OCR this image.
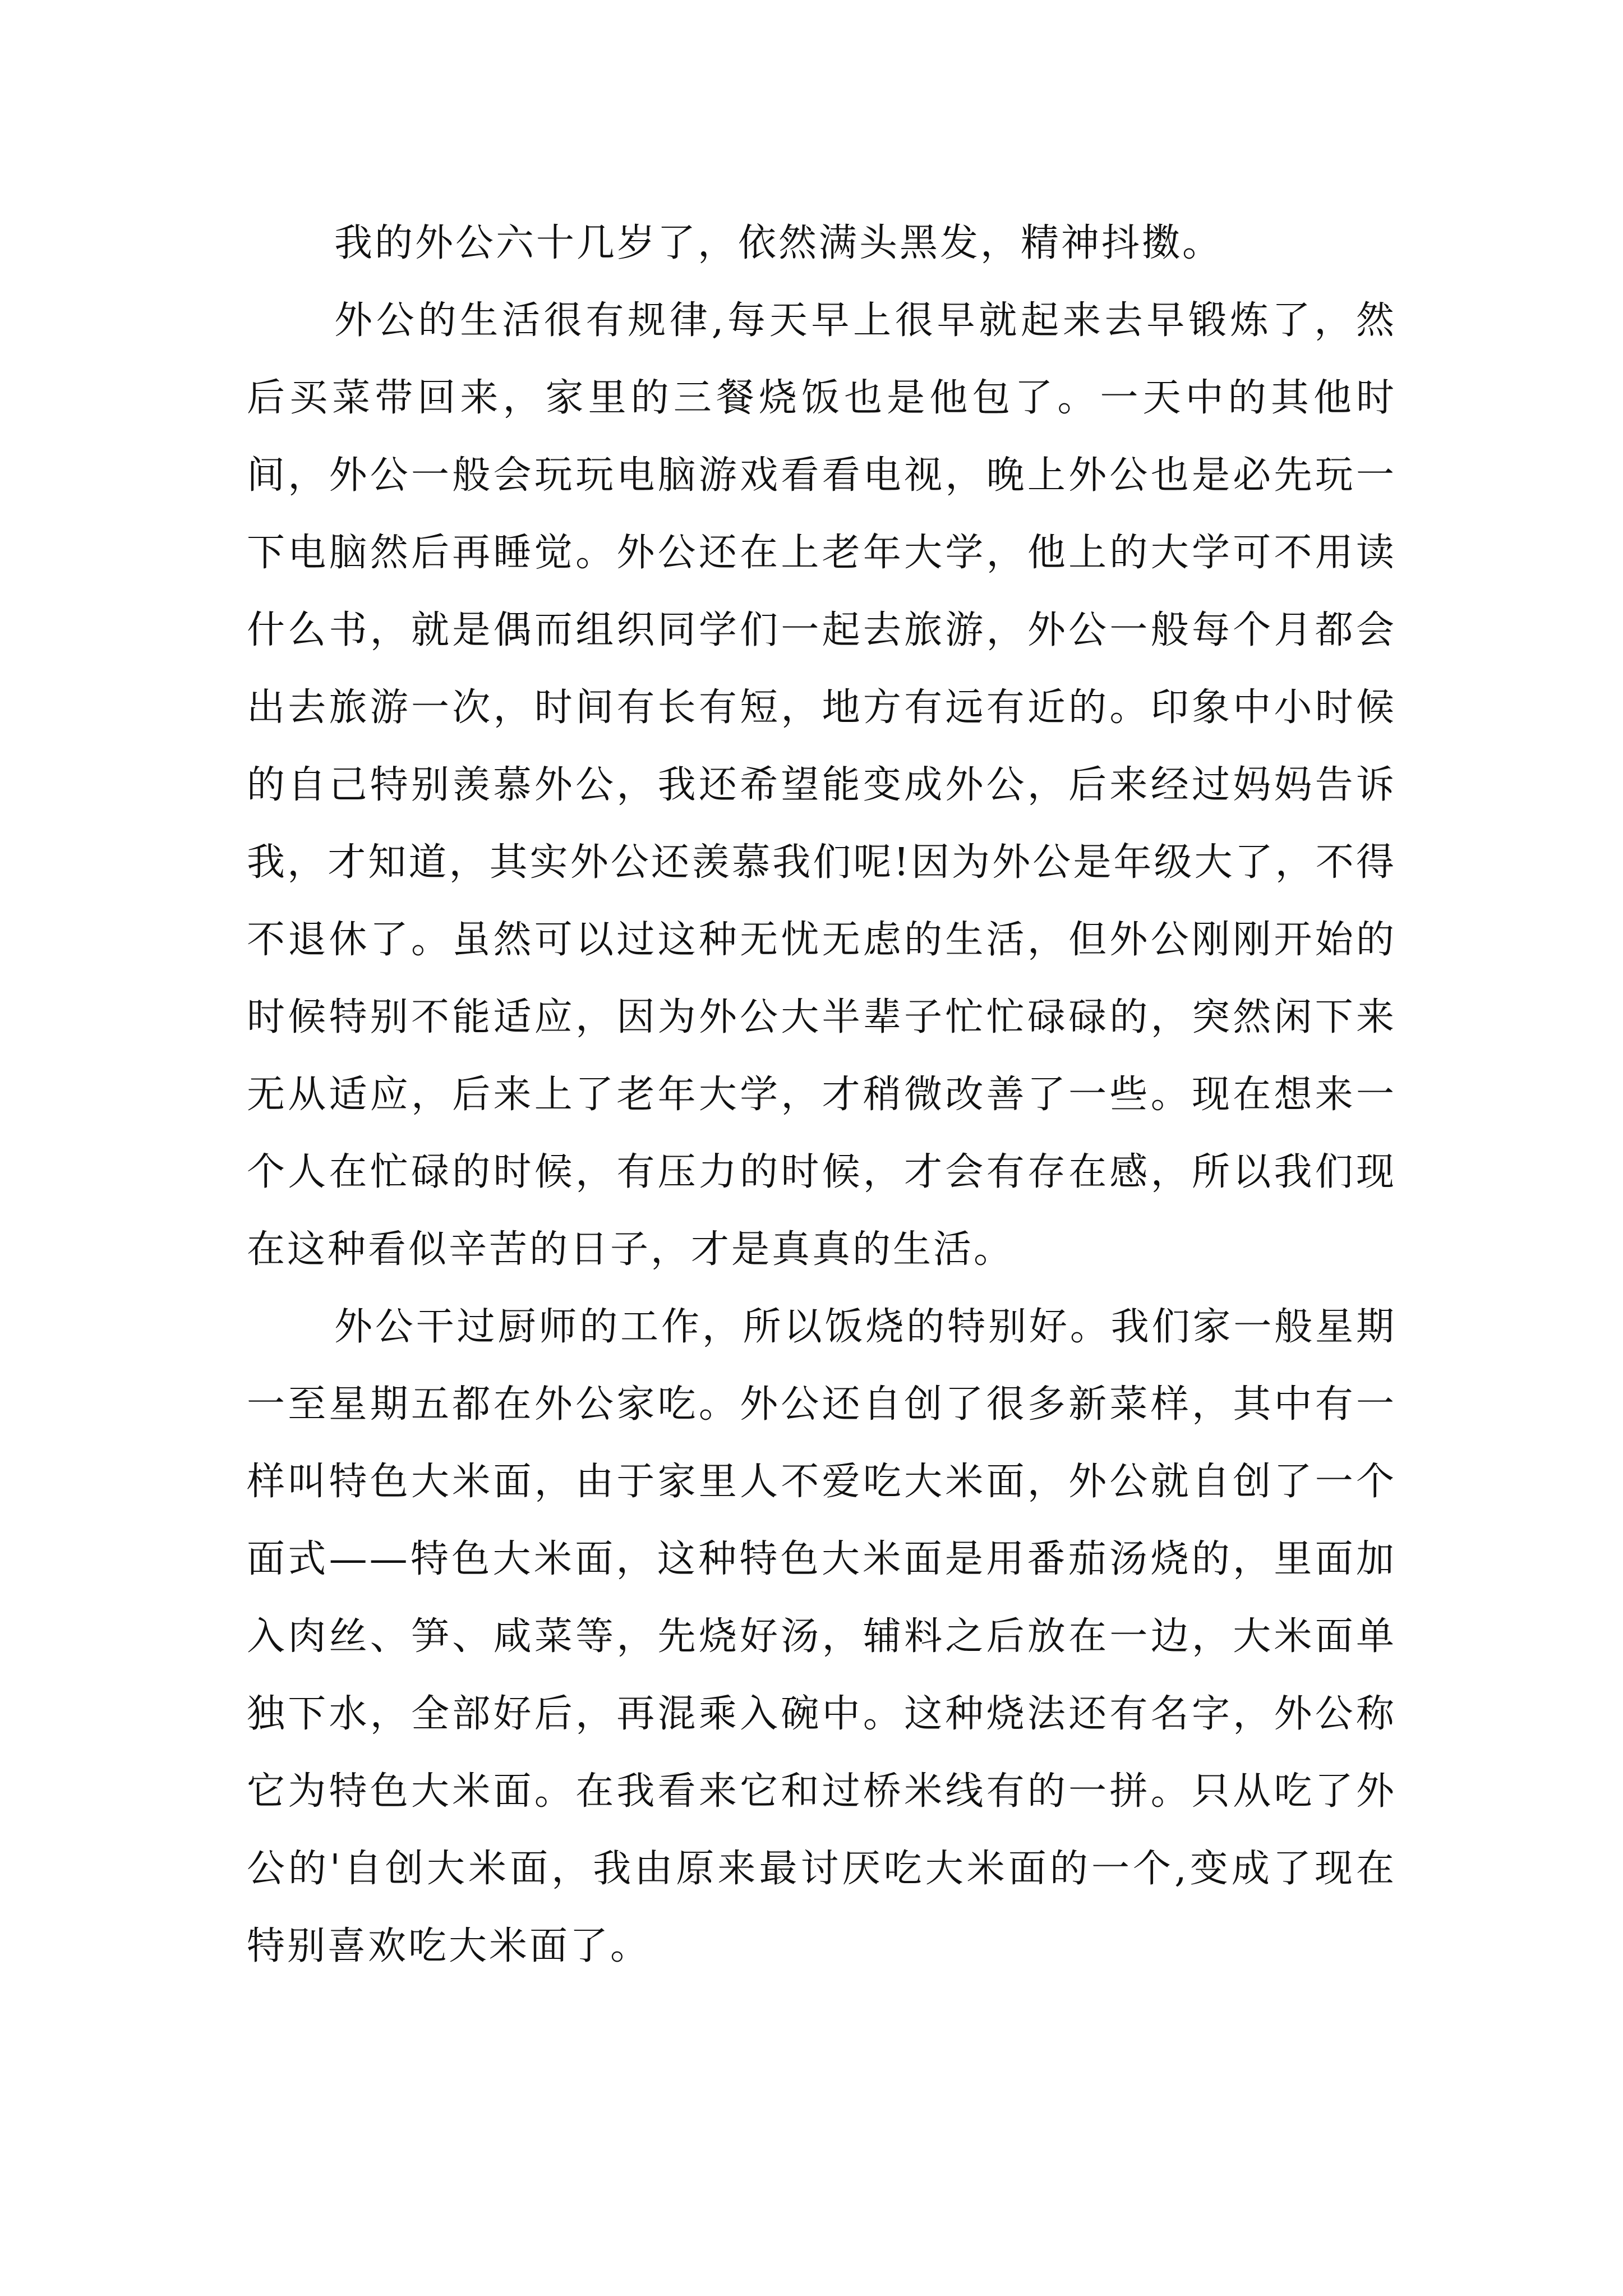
我的外公六十几岁了，依然满头黑发，精神抖擞。

外公的生活很有规律,每天早上很早就起来去早锻炼了，然后买菜带回来，家里的三餐烧饭也是他包了。一天中的其他时间，外公一般会玩玩电脑游戏看看电视，晚上外公也是必先玩一下电脑然后再睡觉。外公还在上老年大学，他上的大学可不用读什么书，就是偶而组织同学们一起去旅游，外公一般每个月都会出去旅游一次，时间有长有短，地方有远有近的。印象中小时候的自己特别羡慕外公，我还希望能变成外公，后来经过妈妈告诉我，才知道，其实外公还羡慕我们呢!因为外公是年级大了，不得不退休了。虽然可以过这种无忧无虑的生活，但外公刚刚开始的时候特别不能适应，因为外公大半辈子忙忙碌碌的，突然闲下来无从适应，后来上了老年大学，才稍微改善了一些。现在想来一个人在忙碌的时候，有压力的时候，才会有存在感，所以我们现在这种看似辛苦的日子，才是真真的生活。

外公干过厨师的工作，所以饭烧的特别好。我们家一般星期一至星期五都在外公家吃。外公还自创了很多新菜样，其中有一样叫特色大米面，由于家里人不爱吃大米面，外公就自创了一个面式——特色大米面，这种特色大米面是用番茄汤烧的，里面加入肉丝、笋、咸菜等，先烧好汤，辅料之后放在一边，大米面单独下水，全部好后，再混乘入碗中。这种烧法还有名字，外公称它为特色大米面。在我看来它和过桥米线有的一拼。只从吃了外公的'自创大米面，我由原来最讨厌吃大米面的一个,变成了现在特别喜欢吃大米面了。
